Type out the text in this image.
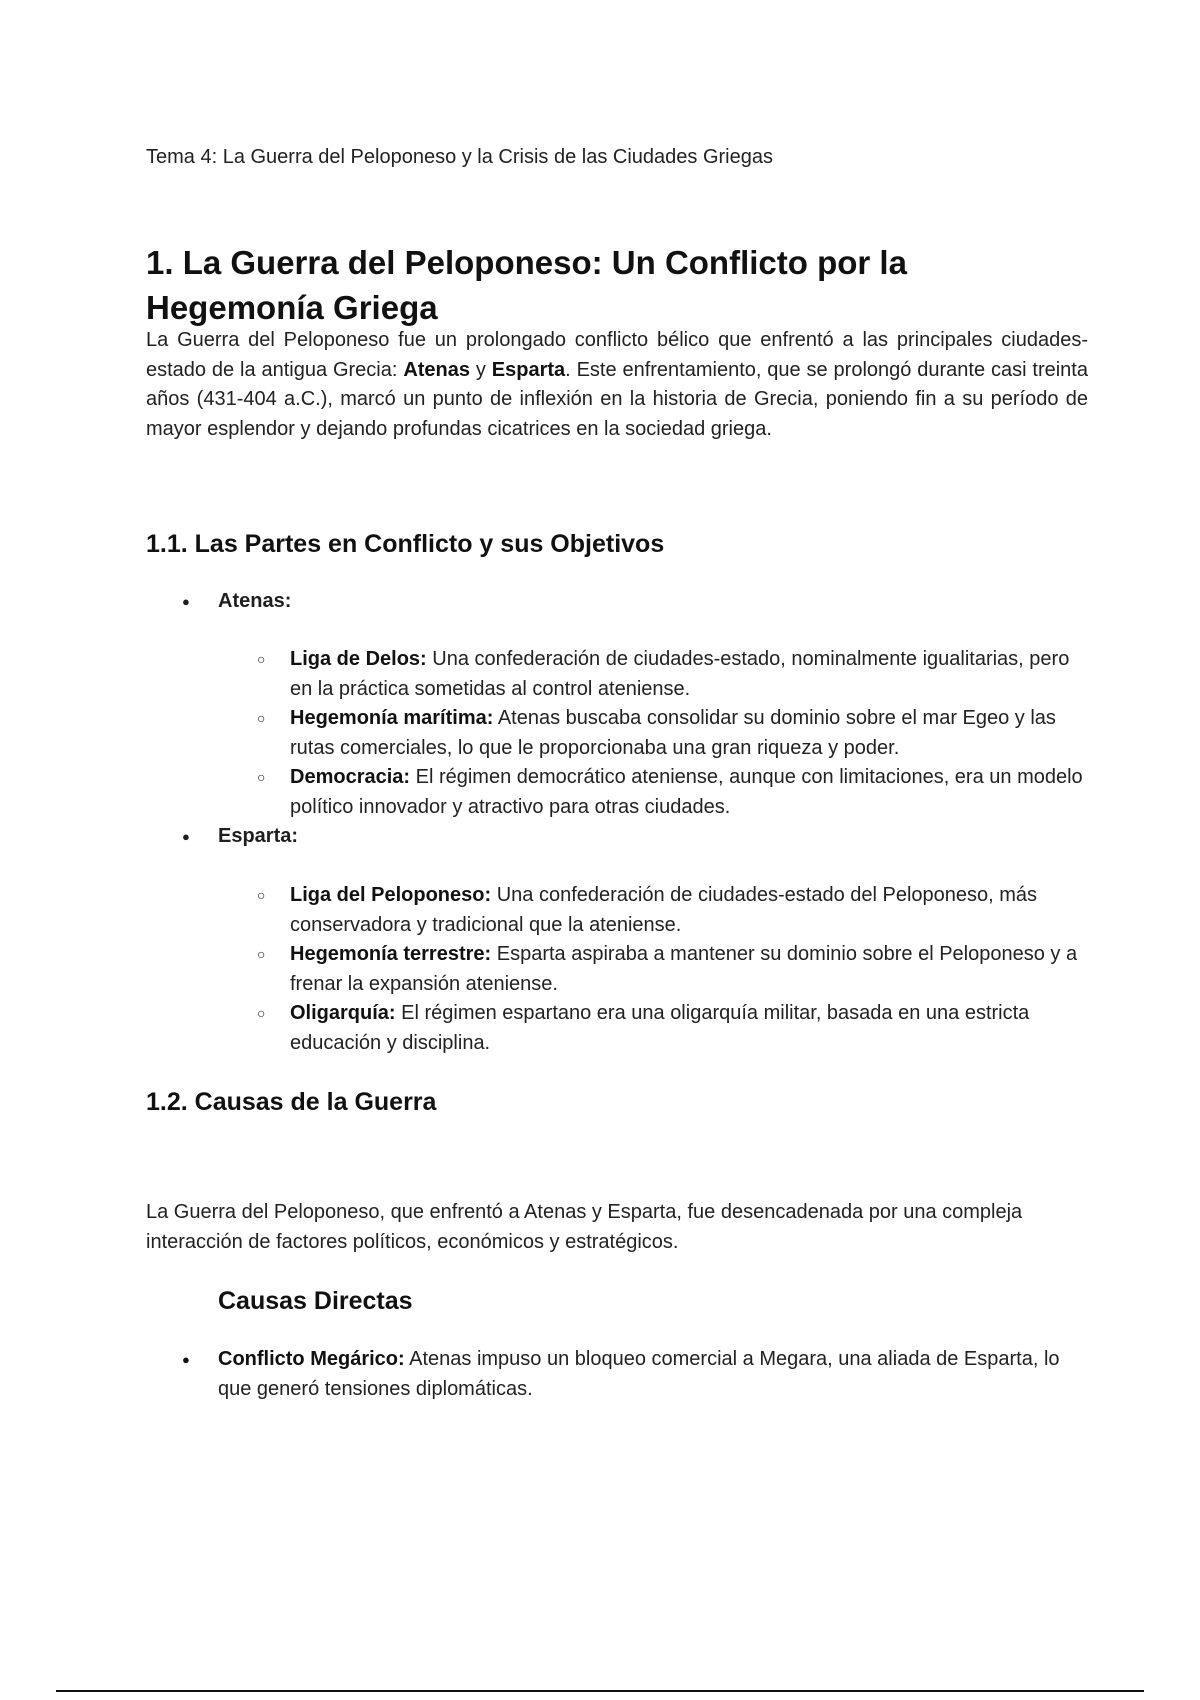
Tema 4: La Guerra del Peloponeso y la Crisis de las Ciudades Griegas
1. La Guerra del Peloponeso: Un Conflicto por la Hegemonía Griega

La Guerra del Peloponeso fue un prolongado conflicto bélico que enfrentó a las principales ciudades-estado de la antigua Grecia: Atenas y Esparta. Este enfrentamiento, que se prolongó durante casi treinta años (431-404 a.C.), marcó un punto de inflexión en la historia de Grecia, poniendo fin a su período de mayor esplendor y dejando profundas cicatrices en la sociedad griega.

1.1. Las Partes en Conflicto y sus Objetivos
● Atenas:
○ Liga de Delos: Una confederación de ciudades-estado, nominalmente igualitarias, pero en la práctica sometidas al control ateniense.
○ Hegemonía marítima: Atenas buscaba consolidar su dominio sobre el mar Egeo y las rutas comerciales, lo que le proporcionaba una gran riqueza y poder.
○ Democracia: El régimen democrático ateniense, aunque con limitaciones, era un modelo político innovador y atractivo para otras ciudades.
● Esparta:
○ Liga del Peloponeso: Una confederación de ciudades-estado del Peloponeso, más conservadora y tradicional que la ateniense.
○ Hegemonía terrestre: Esparta aspiraba a mantener su dominio sobre el Peloponeso y a frenar la expansión ateniense.
○ Oligarquía: El régimen espartano era una oligarquía militar, basada en una estricta educación y disciplina.
1.2. Causas de la Guerra

La Guerra del Peloponeso, que enfrentó a Atenas y Esparta, fue desencadenada por una compleja interacción de factores políticos, económicos y estratégicos.

Causas Directas
● Conflicto Megárico: Atenas impuso un bloqueo comercial a Megara, una aliada de Esparta, lo que generó tensiones diplomáticas.
